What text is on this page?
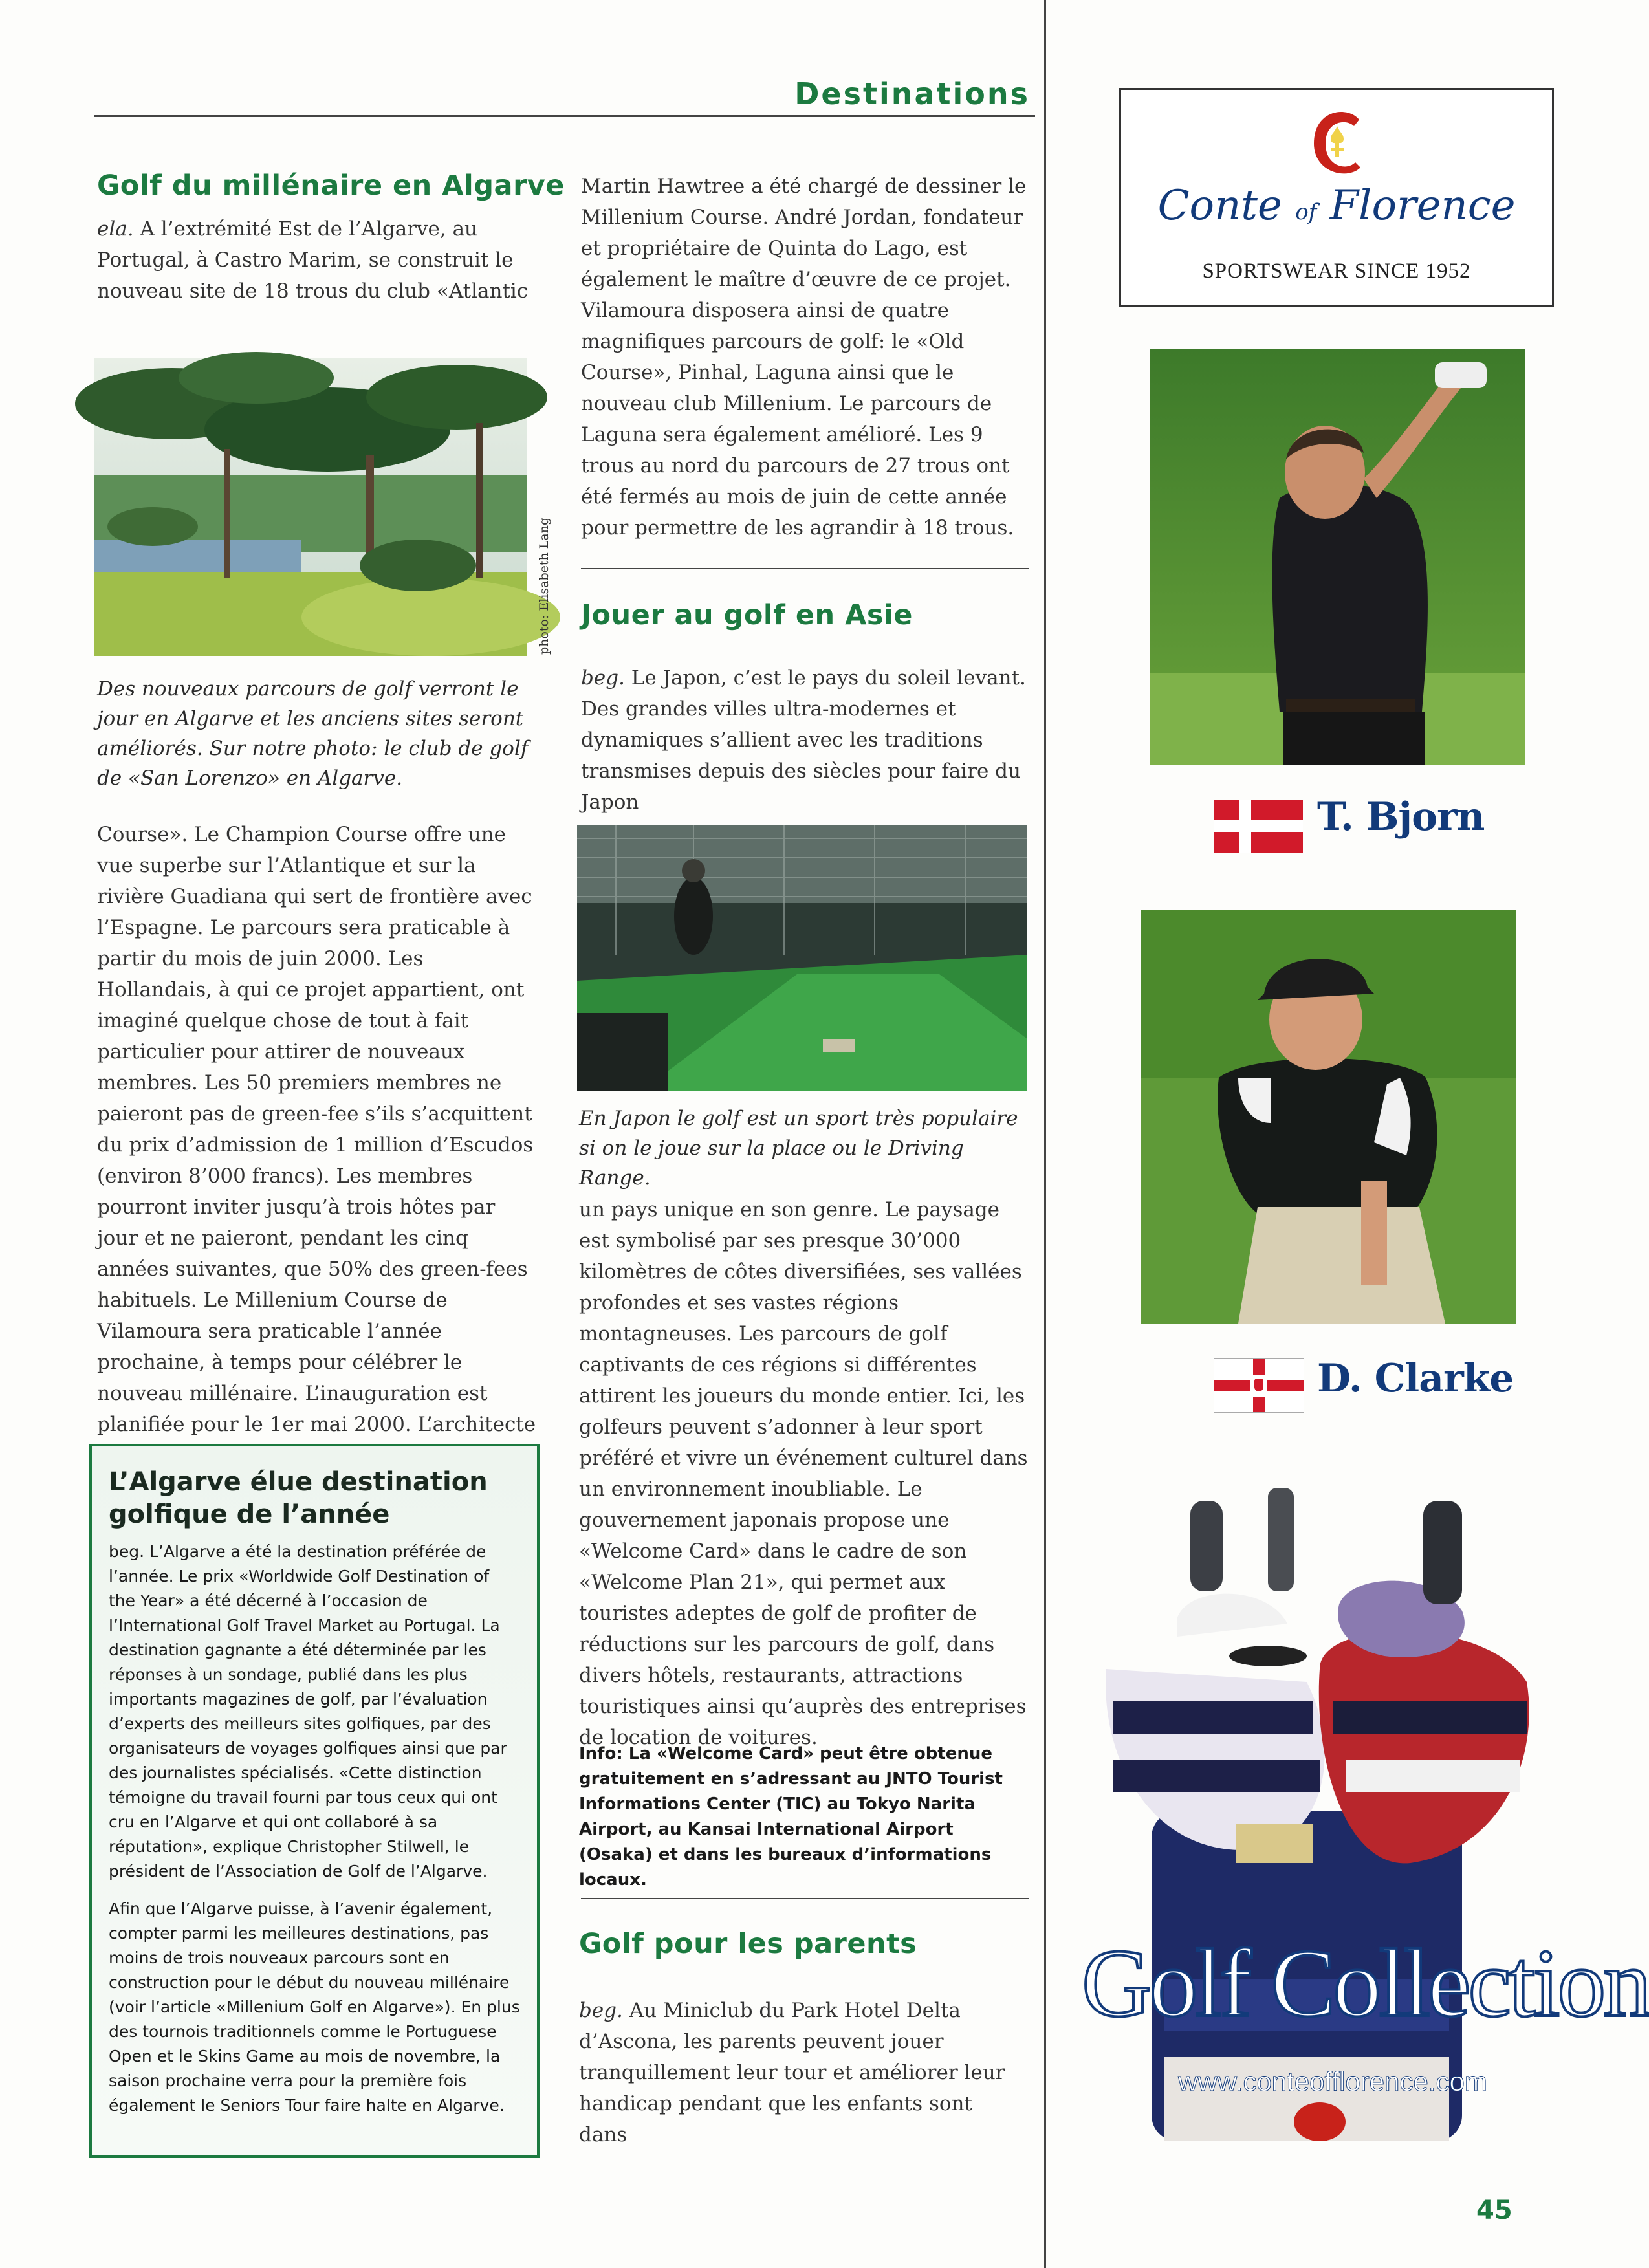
Destinations
Golf du millénaire en Algarve
ela. A l’extrémité Est de l’Algarve, au Portugal, à Castro Marim, se construit le nouveau site de 18 trous du club «Atlantic
photo: Elisabeth Lang
Des nouveaux parcours de golf verront le jour en Algarve et les anciens sites seront améliorés. Sur notre photo: le club de golf de «San Lorenzo» en Algarve.
Course». Le Champion Course offre une vue superbe sur l’Atlantique et sur la rivière Guadiana qui sert de frontière avec l’Espagne. Le parcours sera praticable à partir du mois de juin 2000. Les Hollandais, à qui ce projet appartient, ont imaginé quelque chose de tout à fait particulier pour attirer de nouveaux membres. Les 50 premiers membres ne paieront pas de green-fee s’ils s’acquittent du prix d’admission de 1 million d’Escudos (environ 8’000 francs). Les membres pourront inviter jusqu’à trois hôtes par jour et ne paieront, pendant les cinq années suivantes, que 50% des green-fees habituels. Le Millenium Course de Vilamoura sera praticable l’année prochaine, à temps pour célébrer le nouveau millénaire. L’inauguration est planifiée pour le 1er mai 2000. L’architecte
L’Algarve élue destination golfique de l’année

beg. L’Algarve a été la destination préférée de l’année. Le prix «Worldwide Golf Destination of the Year» a été décerné à l’occasion de l’International Golf Travel Market au Portugal. La destination gagnante a été déterminée par les réponses à un sondage, publié dans les plus importants magazines de golf, par l’évaluation d’experts des meilleurs sites golfiques, par des organisateurs de voyages golfiques ainsi que par des journalistes spécialisés. «Cette distinction témoigne du travail fourni par tous ceux qui ont cru en l’Algarve et qui ont collaboré à sa réputation», explique Christopher Stilwell, le président de l’Association de Golf de l’Algarve.

Afin que l’Algarve puisse, à l’avenir également, compter parmi les meilleures destinations, pas moins de trois nouveaux parcours sont en construction pour le début du nouveau millénaire (voir l’article «Millenium Golf en Algarve»). En plus des tournois traditionnels comme le Portuguese Open et le Skins Game au mois de novembre, la saison prochaine verra pour la première fois également le Seniors Tour faire halte en Algarve.

Martin Hawtree a été chargé de dessiner le Millenium Course. André Jordan, fondateur et propriétaire de Quinta do Lago, est également le maître d’œuvre de ce projet. Vilamoura disposera ainsi de quatre magnifiques parcours de golf: le «Old Course», Pinhal, Laguna ainsi que le nouveau club Millenium. Le parcours de Laguna sera également amélioré. Les 9 trous au nord du parcours de 27 trous ont été fermés au mois de juin de cette année pour permettre de les agrandir à 18 trous.
Jouer au golf en Asie
beg. Le Japon, c’est le pays du soleil levant. Des grandes villes ultra-modernes et dynamiques s’allient avec les traditions transmises depuis des siècles pour faire du Japon
En Japon le golf est un sport très populaire si on le joue sur la place ou le Driving Range.
un pays unique en son genre. Le paysage est symbolisé par ses presque 30’000 kilomètres de côtes diversifiées, ses vallées profondes et ses vastes régions montagneuses. Les parcours de golf captivants de ces régions si différentes attirent les joueurs du monde entier. Ici, les golfeurs peuvent s’adonner à leur sport préféré et vivre un événement culturel dans un environnement inoubliable. Le gouvernement japonais propose une «Welcome Card» dans le cadre de son «Welcome Plan 21», qui permet aux touristes adeptes de golf de profiter de réductions sur les parcours de golf, dans divers hôtels, restaurants, attractions touristiques ainsi qu’auprès des entreprises de location de voitures.
Info: La «Welcome Card» peut être obtenue gratuitement en s’adressant au JNTO Tourist Informations Center (TIC) au Tokyo Narita Airport, au Kansai International Airport (Osaka) et dans les bureaux d’informations locaux.
Golf pour les parents
beg. Au Miniclub du Park Hotel Delta d’Ascona, les parents peuvent jouer tranquillement leur tour et améliorer leur handicap pendant que les enfants sont dans
Conte of Florence
SPORTSWEAR SINCE 1952
T. Bjorn
D. Clarke
Golf Collection
www.conteofflorence.com
45
